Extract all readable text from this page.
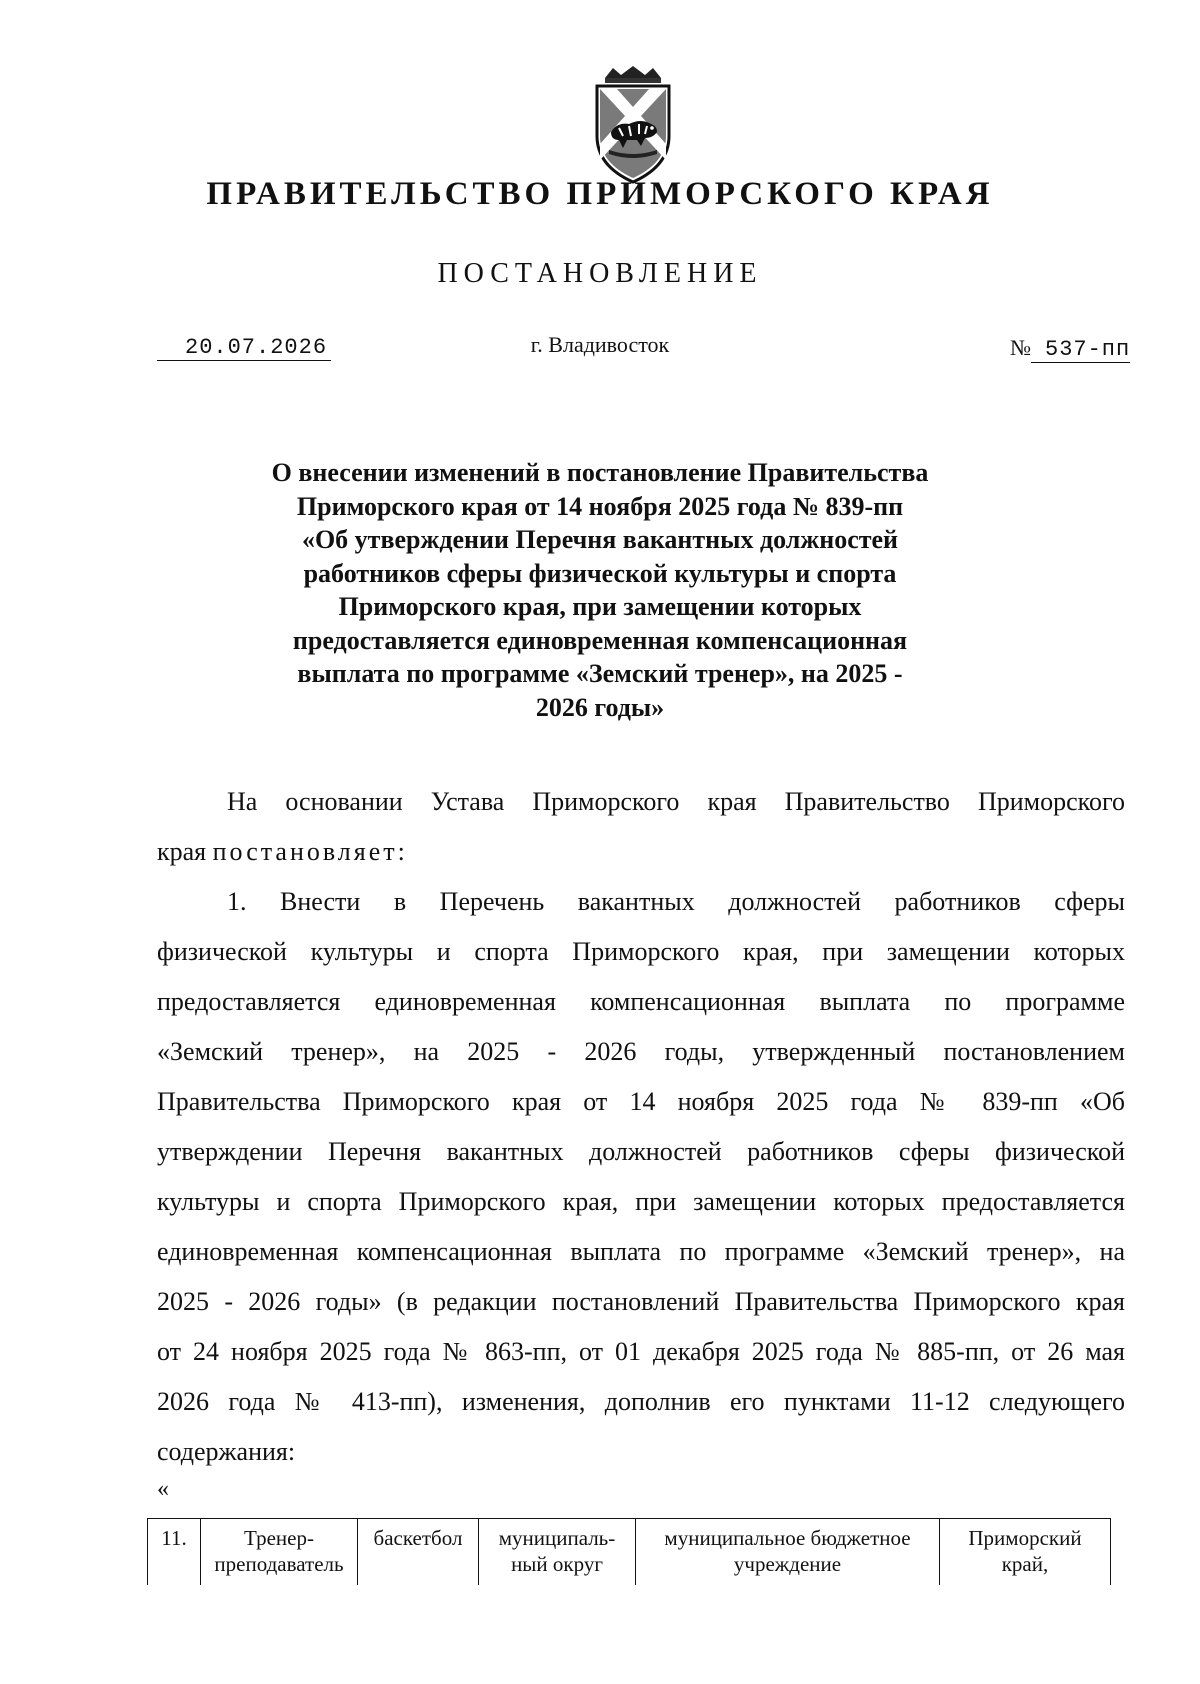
ПРАВИТЕЛЬСТВО ПРИМОРСКОГО КРАЯ
ПОСТАНОВЛЕНИЕ
20.07.2026	г. Владивосток	№ 537-пп
О внесении изменений в постановление Правительства
Приморского края от 14 ноября 2025 года № 839-пп
«Об утверждении Перечня вакантных должностей
работников сферы физической культуры и спорта
Приморского края, при замещении которых
предоставляется единовременная компенсационная
выплата по программе «Земский тренер», на 2025 -
2026 годы»
На основании Устава Приморского края Правительство Приморского
края постановляет:
1. Внести в Перечень вакантных должностей работников сферы
физической культуры и спорта Приморского края, при замещении которых
предоставляется единовременная компенсационная выплата по программе
«Земский тренер», на 2025 - 2026 годы, утвержденный постановлением
Правительства Приморского края от 14 ноября 2025 года № 839-пп «Об
утверждении Перечня вакантных должностей работников сферы физической
культуры и спорта Приморского края, при замещении которых предоставляется
единовременная компенсационная выплата по программе «Земский тренер», на
2025 - 2026 годы» (в редакции постановлений Правительства Приморского края
от 24 ноября 2025 года № 863-пп, от 01 декабря 2025 года № 885-пп, от 26 мая
2026 года № 413-пп), изменения, дополнив его пунктами 11-12 следующего
содержания:
«
11.	Тренер-преподаватель	баскетбол	муниципаль-ный округ	муниципальное бюджетное учреждение	Приморский край,
